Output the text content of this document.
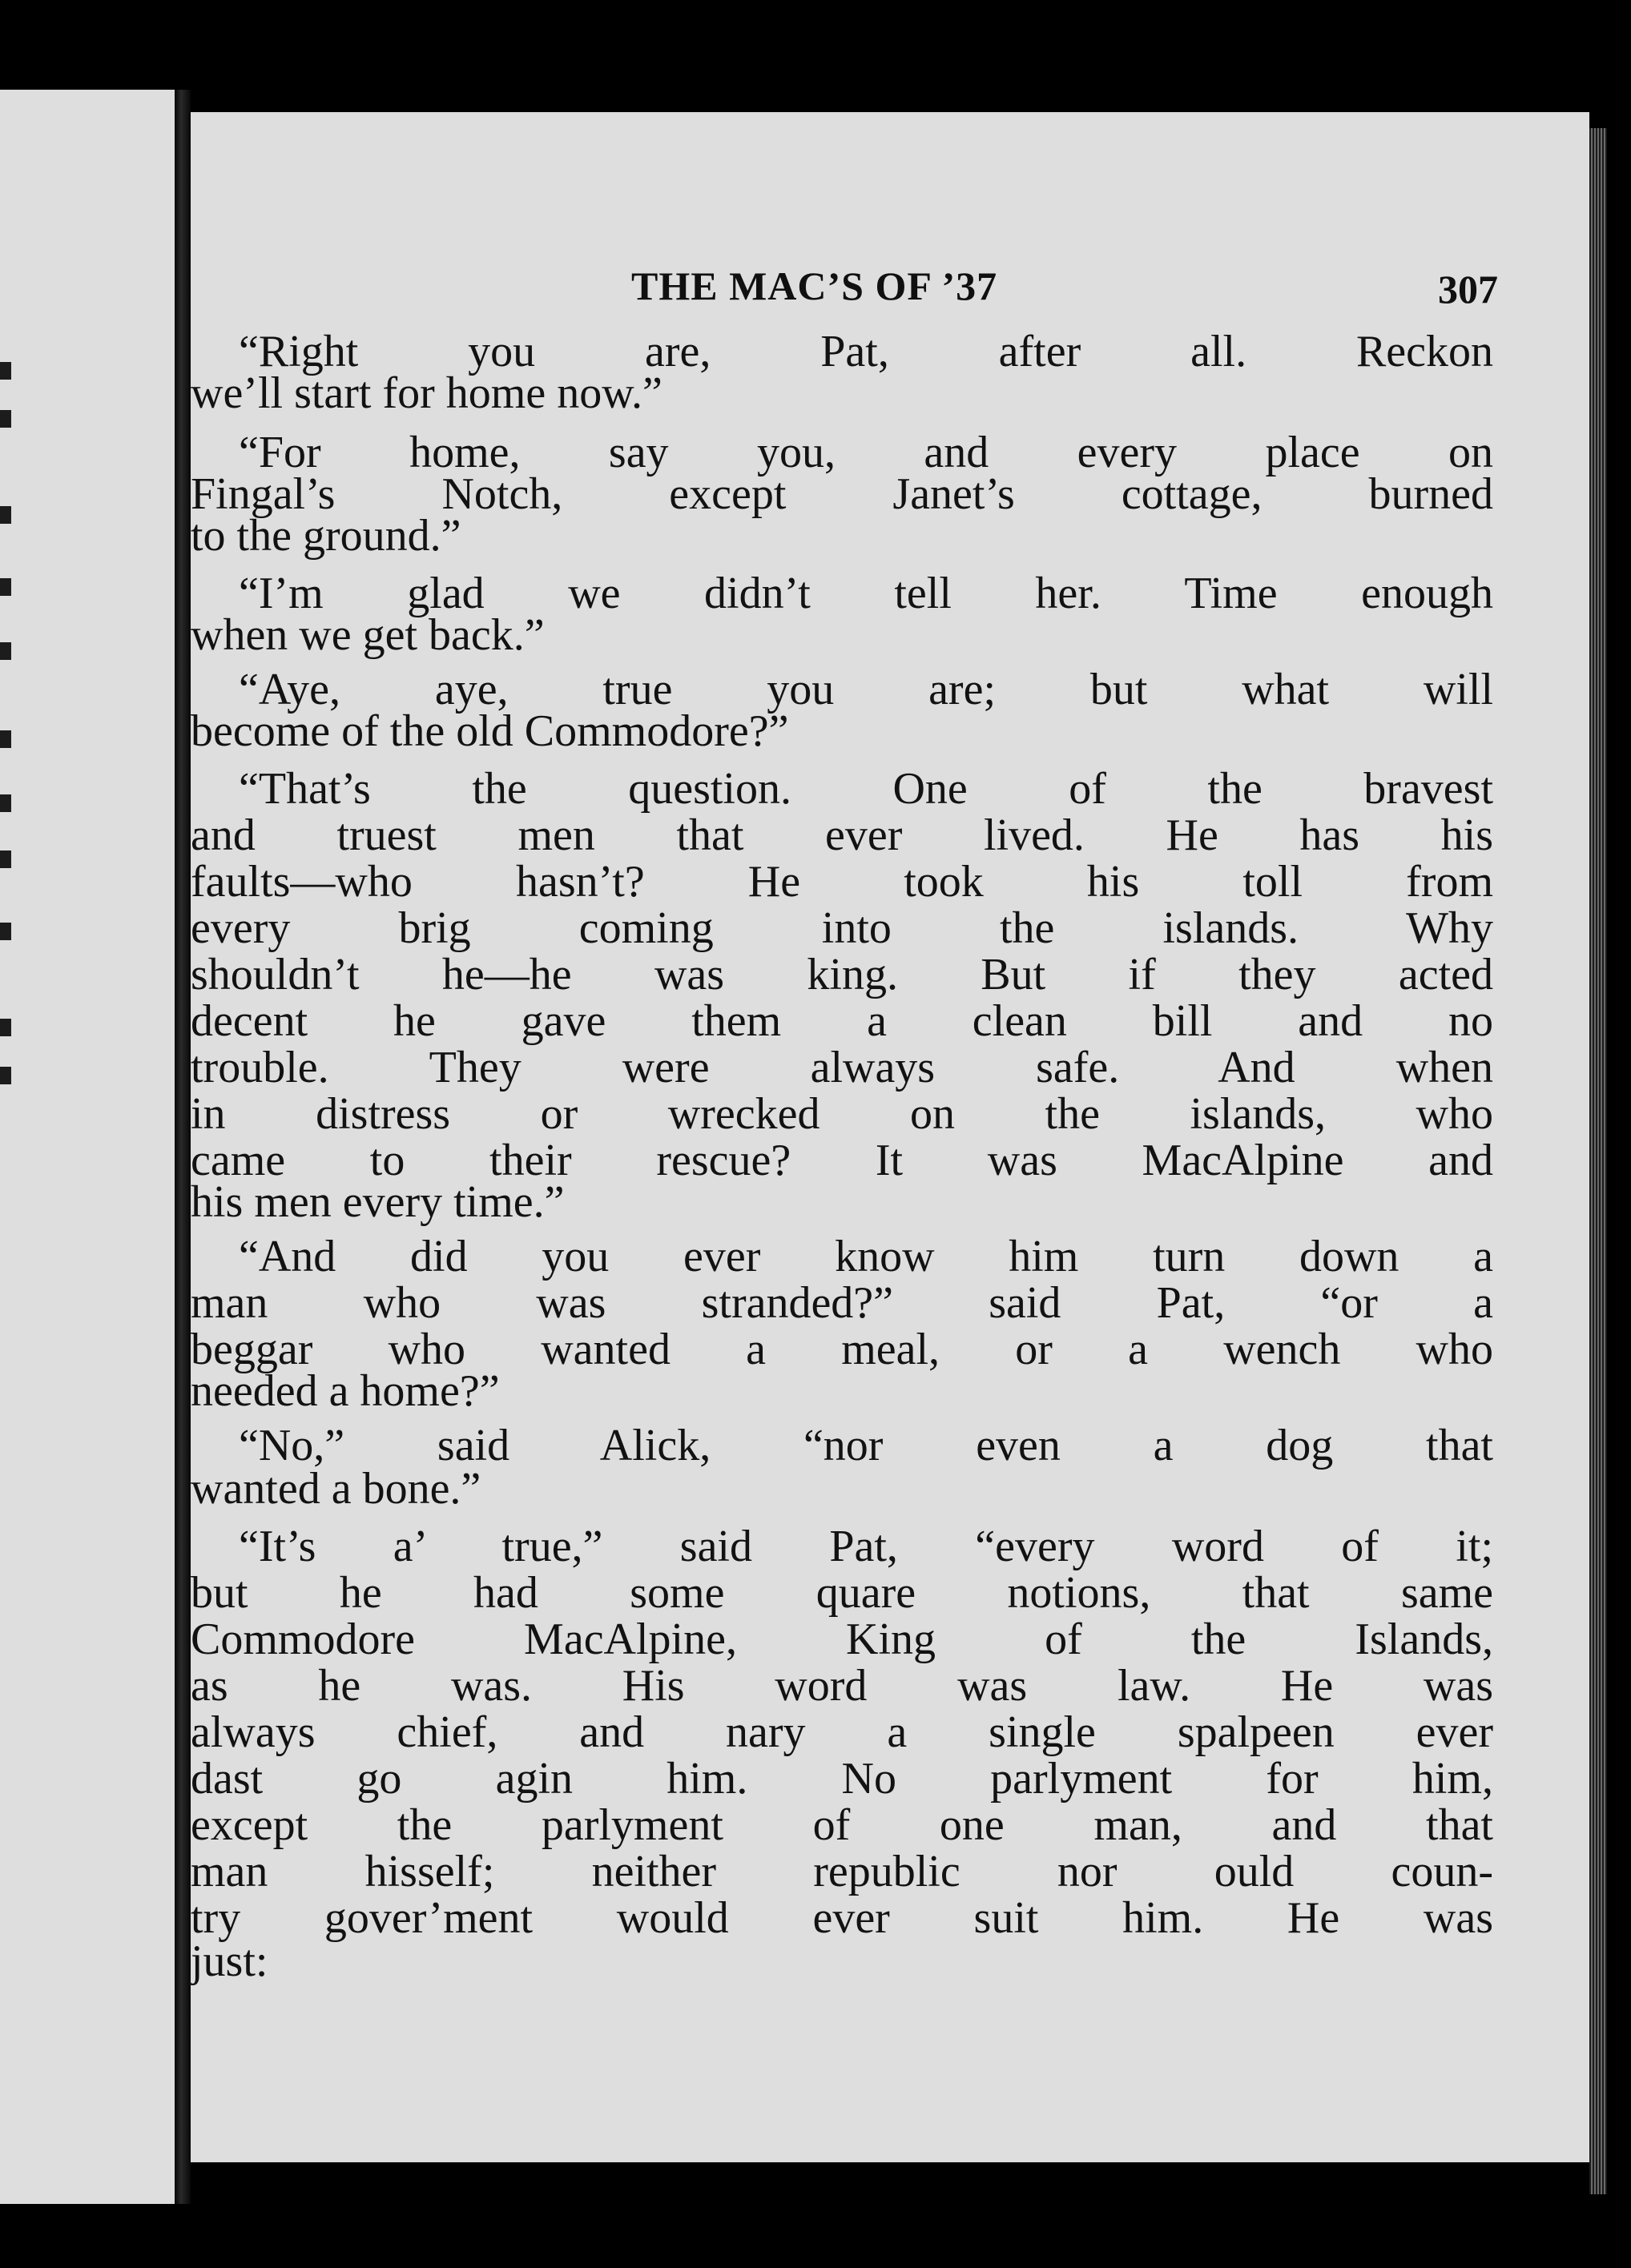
THE MAC’S OF ’37	307
“Right you are, Pat, after all. Reckon
we’ll start for home now.”
“For home, say you, and every place on
Fingal’s Notch, except Janet’s cottage, burned
to the ground.”
“I’m glad we didn’t tell her. Time enough
when we get back.”
“Aye, aye, true you are; but what will
become of the old Commodore?”
“That’s the question. One of the bravest
and truest men that ever lived. He has his
faults—who hasn’t? He took his toll from
every brig coming into the islands. Why
shouldn’t he—he was king. But if they acted
decent he gave them a clean bill and no
trouble. They were always safe. And when
in distress or wrecked on the islands, who
came to their rescue? It was MacAlpine and
his men every time.”
“And did you ever know him turn down a
man who was stranded?” said Pat, “or a
beggar who wanted a meal, or a wench who
needed a home?”
“No,” said Alick, “nor even a dog that
wanted a bone.”
“It’s a’ true,” said Pat, “every word of it;
but he had some quare notions, that same
Commodore MacAlpine, King of the Islands,
as he was. His word was law. He was
always chief, and nary a single spalpeen ever
dast go agin him. No parlyment for him,
except the parlyment of one man, and that
man hisself; neither republic nor ould coun-
try gover’ment would ever suit him. He was
just:
